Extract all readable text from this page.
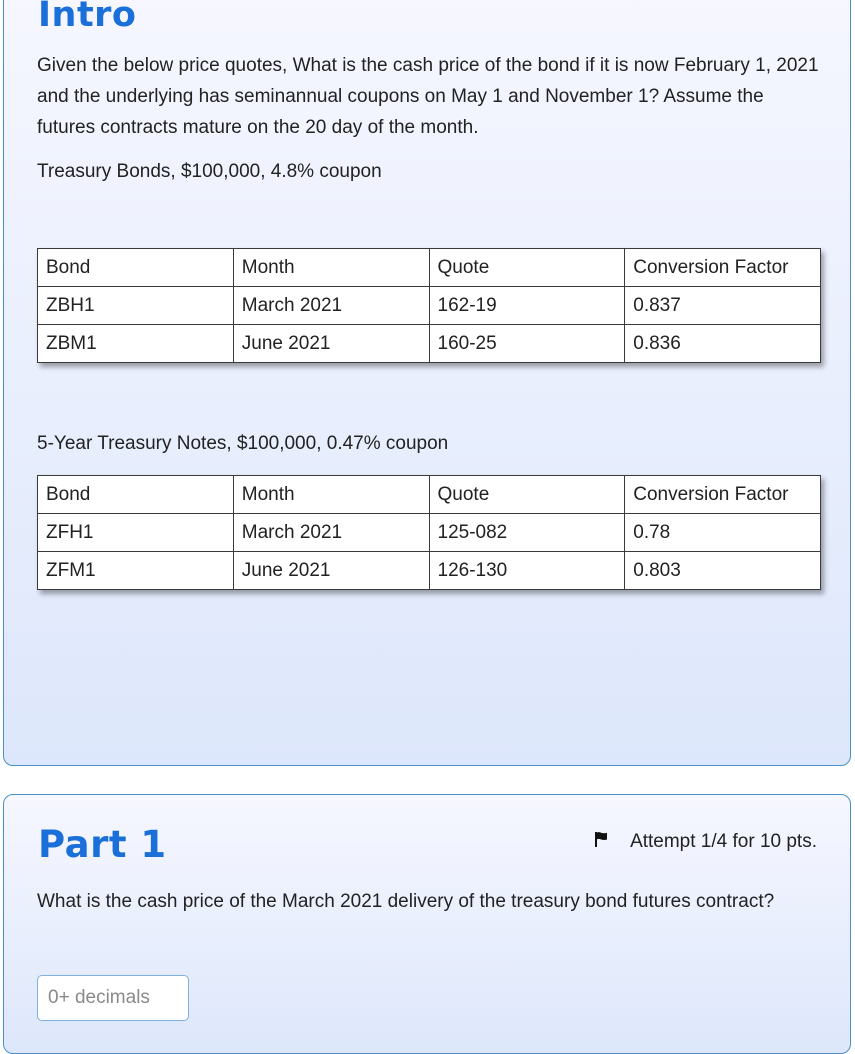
Intro

Given the below price quotes, What is the cash price of the bond if it is now February 1, 2021 and the underlying has seminannual coupons on May 1 and November 1? Assume the futures contracts mature on the 20 day of the month.

Treasury Bonds, $100,000, 4.8% coupon

Bond	Month	Quote	Conversion Factor
ZBH1	March 2021	162-19	0.837
ZBM1	June 2021	160-25	0.836

5-Year Treasury Notes, $100,000, 0.47% coupon

Bond	Month	Quote	Conversion Factor
ZFH1	March 2021	125-082	0.78
ZFM1	June 2021	126-130	0.803
Part 1	Attempt 1/4 for 10 pts.

What is the cash price of the March 2021 delivery of the treasury bond futures contract?

0+ decimals
